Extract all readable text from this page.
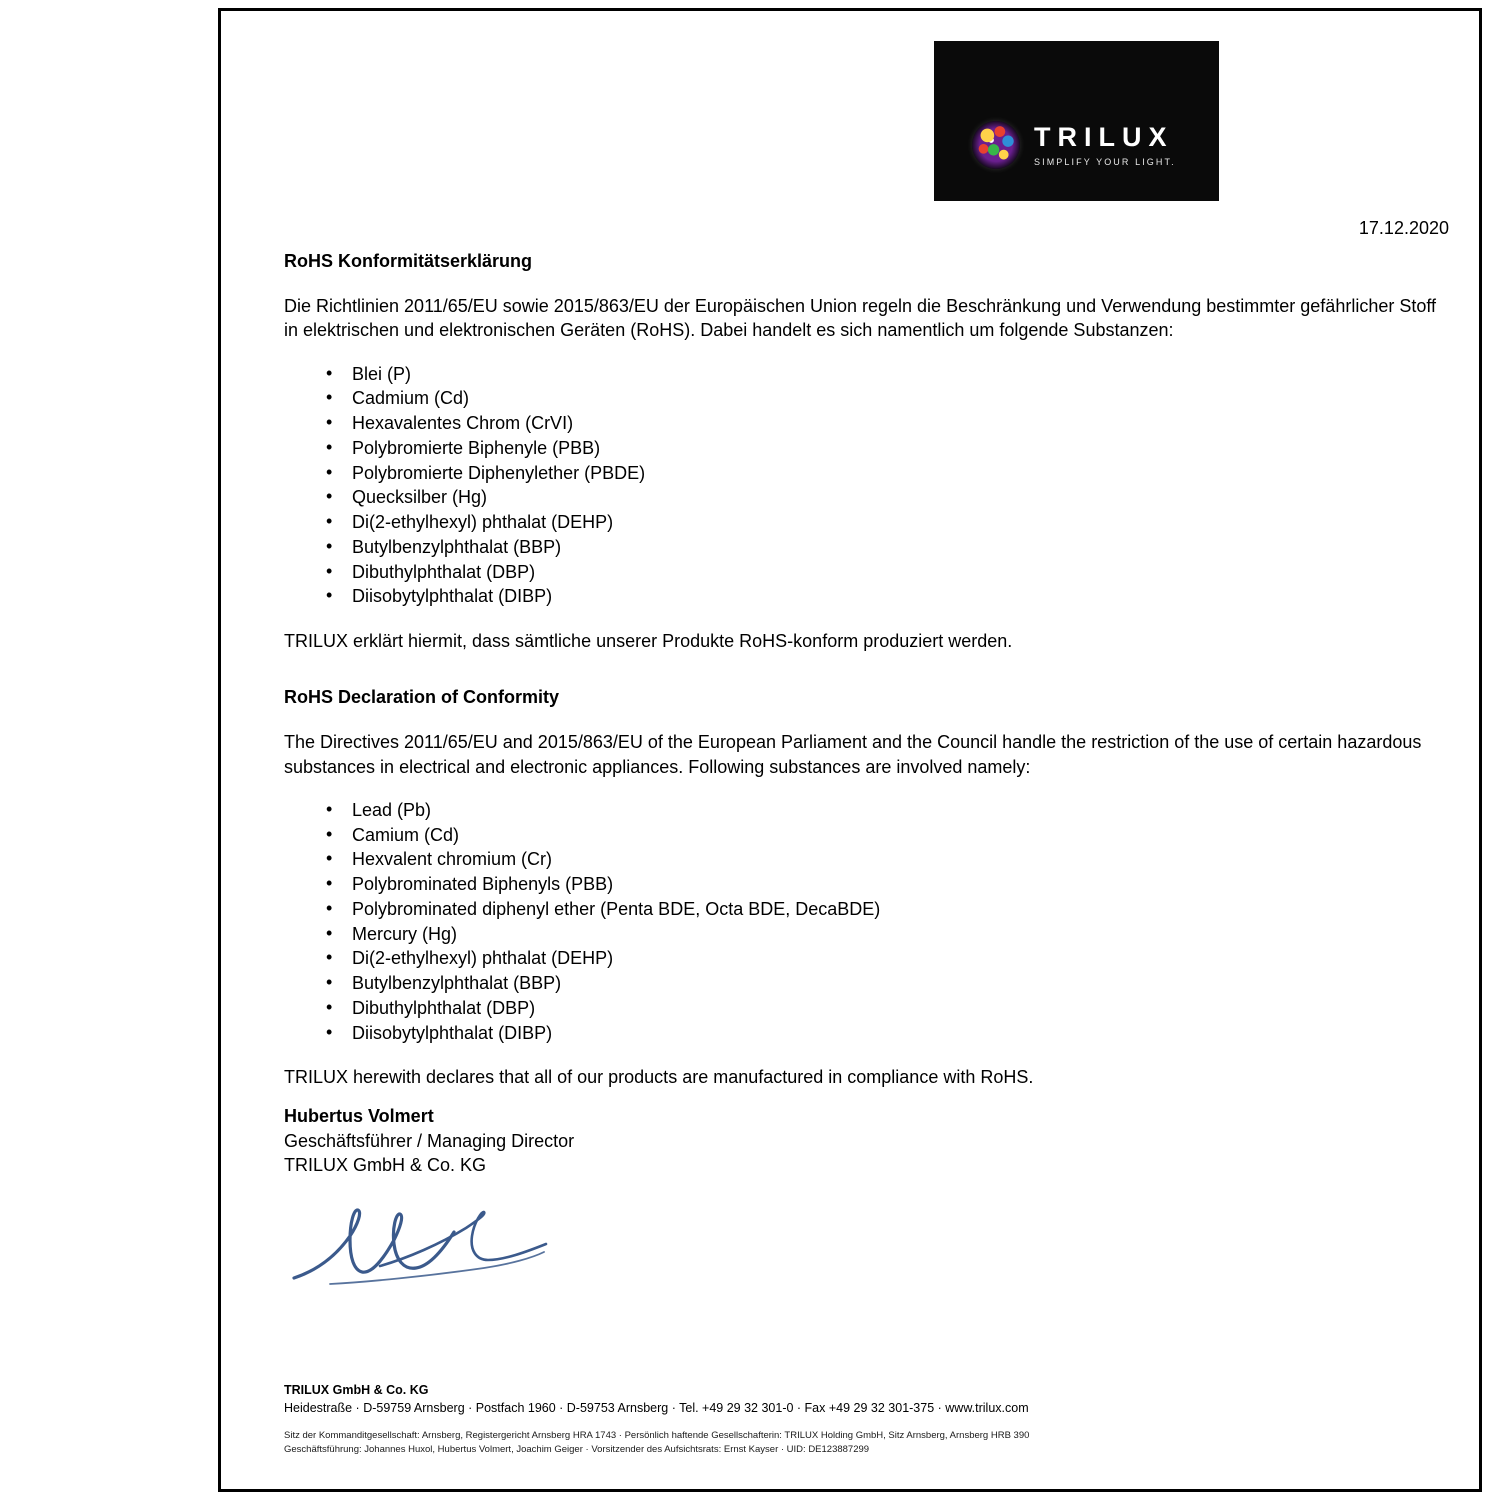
TRILUX
SIMPLIFY YOUR LIGHT.
17.12.2020
RoHS Konformitätserklärung

Die Richtlinien 2011/65/EU sowie 2015/863/EU der Europäischen Union regeln die Beschränkung und Verwendung bestimmter gefährlicher Stoff in elektrischen und elektronischen Geräten (RoHS). Dabei handelt es sich namentlich um folgende Substanzen:

• Blei (P)
• Cadmium (Cd)
• Hexavalentes Chrom (CrVI)
• Polybromierte Biphenyle (PBB)
• Polybromierte Diphenylether (PBDE)
• Quecksilber (Hg)
• Di(2-ethylhexyl) phthalat (DEHP)
• Butylbenzylphthalat (BBP)
• Dibuthylphthalat (DBP)
• Diisobytylphthalat (DIBP)

TRILUX erklärt hiermit, dass sämtliche unserer Produkte RoHS-konform produziert werden.

RoHS Declaration of Conformity

The Directives 2011/65/EU and 2015/863/EU of the European Parliament and the Council handle the restriction of the use of certain hazardous substances in electrical and electronic appliances. Following substances are involved namely:

• Lead (Pb)
• Camium (Cd)
• Hexvalent chromium (Cr)
• Polybrominated Biphenyls (PBB)
• Polybrominated diphenyl ether (Penta BDE, Octa BDE, DecaBDE)
• Mercury (Hg)
• Di(2-ethylhexyl) phthalat (DEHP)
• Butylbenzylphthalat (BBP)
• Dibuthylphthalat (DBP)
• Diisobytylphthalat (DIBP)

TRILUX herewith declares that all of our products are manufactured in compliance with RoHS.

Hubertus Volmert

Geschäftsführer / Managing Director

TRILUX GmbH & Co. KG

TRILUX GmbH & Co. KG

Heidestraße · D-59759 Arnsberg · Postfach 1960 · D-59753 Arnsberg · Tel. +49 29 32 301-0 · Fax +49 29 32 301-375 · www.trilux.com

Sitz der Kommanditgesellschaft: Arnsberg, Registergericht Arnsberg HRA 1743 · Persönlich haftende Gesellschafterin: TRILUX Holding GmbH, Sitz Arnsberg, Arnsberg HRB 390

Geschäftsführung: Johannes Huxol, Hubertus Volmert, Joachim Geiger · Vorsitzender des Aufsichtsrats: Ernst Kayser · UID: DE123887299
